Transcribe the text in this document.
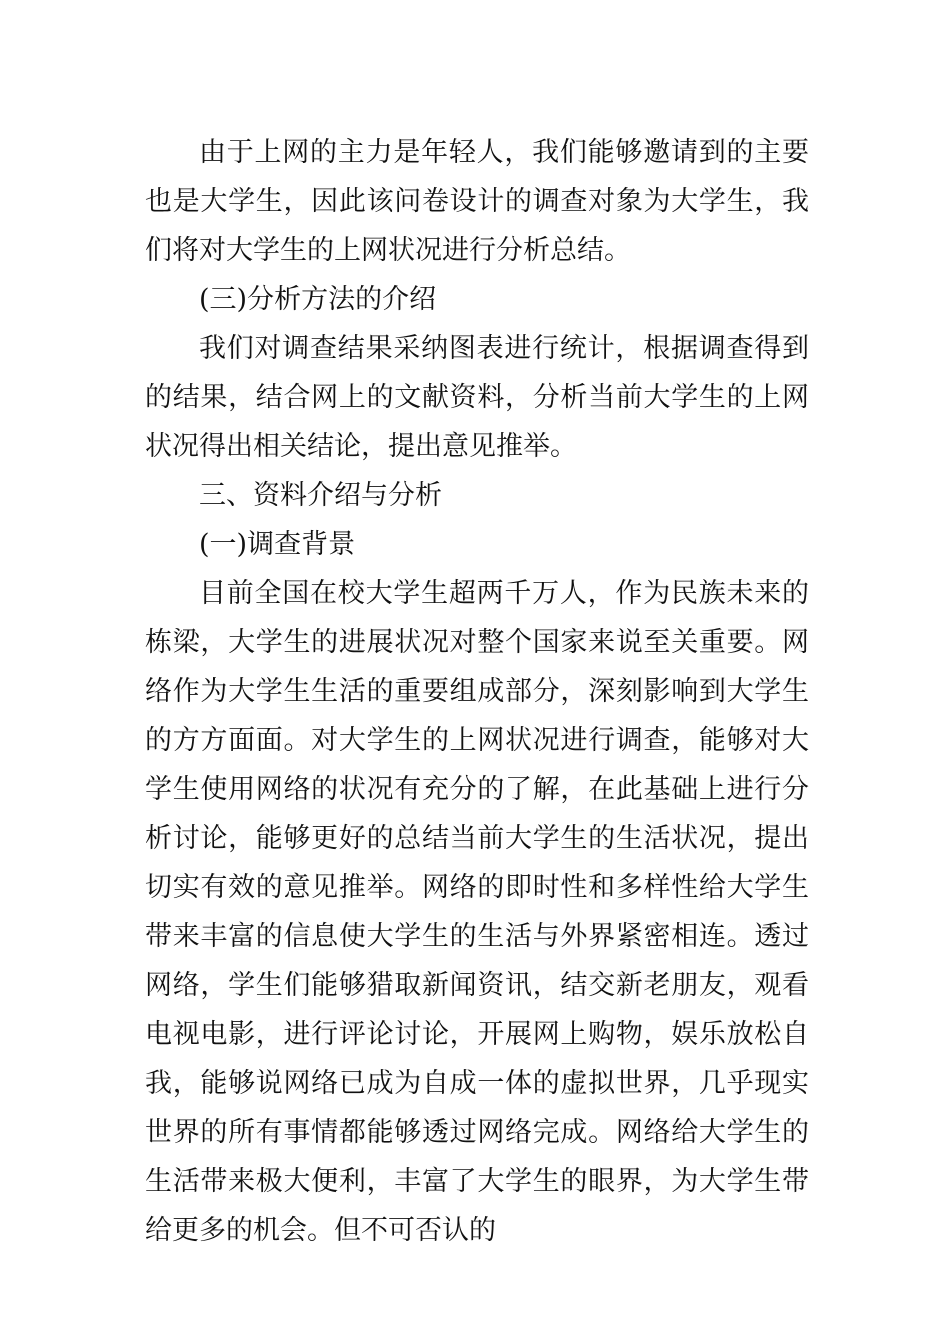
由于上网的主力是年轻人，我们能够邀请到的主要也是大学生，因此该问卷设计的调查对象为大学生，我们将对大学生的上网状况进行分析总结。

(三)分析方法的介绍

我们对调查结果采纳图表进行统计，根据调查得到的结果，结合网上的文献资料，分析当前大学生的上网状况得出相关结论，提出意见推举。

三、资料介绍与分析

(一)调查背景

目前全国在校大学生超两千万人，作为民族未来的栋梁，大学生的进展状况对整个国家来说至关重要。网络作为大学生生活的重要组成部分，深刻影响到大学生的方方面面。对大学生的上网状况进行调查，能够对大学生使用网络的状况有充分的了解，在此基础上进行分析讨论，能够更好的总结当前大学生的生活状况，提出切实有效的意见推举。网络的即时性和多样性给大学生带来丰富的信息使大学生的生活与外界紧密相连。透过网络，学生们能够猎取新闻资讯，结交新老朋友，观看电视电影，进行评论讨论，开展网上购物，娱乐放松自我，能够说网络已成为自成一体的虚拟世界，几乎现实世界的所有事情都能够透过网络完成。网络给大学生的生活带来极大便利，丰富了大学生的眼界，为大学生带给更多的机会。但不可否认的
